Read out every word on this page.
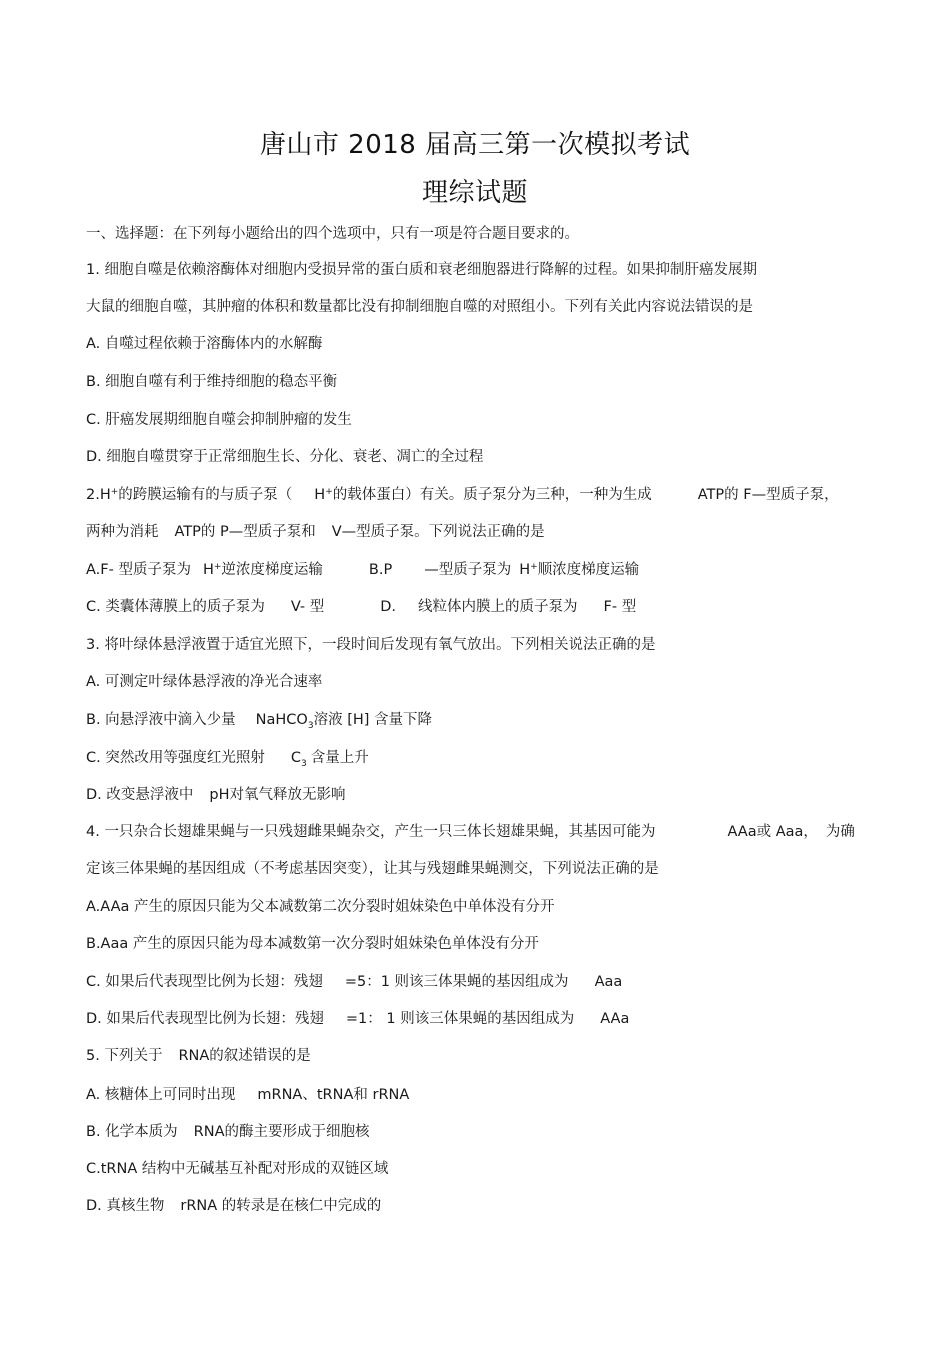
唐山市 2018 届高三第一次模拟考试
理综试题
一、选择题：在下列每小题给出的四个选项中，只有一项是符合题目要求的。
1. 细胞自噬是依赖溶酶体对细胞内受损异常的蛋白质和衰老细胞器进行降解的过程。如果抑制肝癌发展期
大鼠的细胞自噬，其肿瘤的体积和数量都比没有抑制细胞自噬的对照组小。下列有关此内容说法错误的是
A. 自噬过程依赖于溶酶体内的水解酶
B. 细胞自噬有利于维持细胞的稳态平衡
C. 肝癌发展期细胞自噬会抑制肿瘤的发生
D. 细胞自噬贯穿于正常细胞生长、分化、衰老、凋亡的全过程
2.H+的跨膜运输有的与质子泵（ H+的载体蛋白）有关。质子泵分为三种，一种为生成	ATP的 F—型质子泵，
两种为消耗 ATP的 P—型质子泵和 V—型质子泵。下列说法正确的是
A.F- 型质子泵为 H+逆浓度梯度运输	B.P —型质子泵为 H+顺浓度梯度运输
C. 类囊体薄膜上的质子泵为 V- 型	D. 线粒体内膜上的质子泵为 F- 型
3. 将叶绿体悬浮液置于适宜光照下，一段时间后发现有氧气放出。下列相关说法正确的是
A. 可测定叶绿体悬浮液的净光合速率
B. 向悬浮液中滴入少量 NaHCO$_3$溶液 [H] 含量下降
C. 突然改用等强度红光照射 $C_3$ 含量上升
D. 改变悬浮液中 pH对氧气释放无影响
4. 一只杂合长翅雄果蝇与一只残翅雌果蝇杂交，产生一只三体长翅雄果蝇，其基因可能为	AAa或 Aaa， 为确
定该三体果蝇的基因组成（不考虑基因突变），让其与残翅雌果蝇测交，下列说法正确的是
A.AAa 产生的原因只能为父本减数第二次分裂时姐妹染色中单体没有分开
B.Aaa 产生的原因只能为母本减数第一次分裂时姐妹染色单体没有分开
C. 如果后代表现型比例为长翅：残翅 =5：1 则该三体果蝇的基因组成为 Aaa
D. 如果后代表现型比例为长翅：残翅 =1： 1 则该三体果蝇的基因组成为 AAa
5. 下列关于 RNA的叙述错误的是
A. 核糖体上可同时出现 mRNA、tRNA和 rRNA
B. 化学本质为 RNA的酶主要形成于细胞核
C.tRNA 结构中无碱基互补配对形成的双链区域
D. 真核生物 rRNA 的转录是在核仁中完成的
